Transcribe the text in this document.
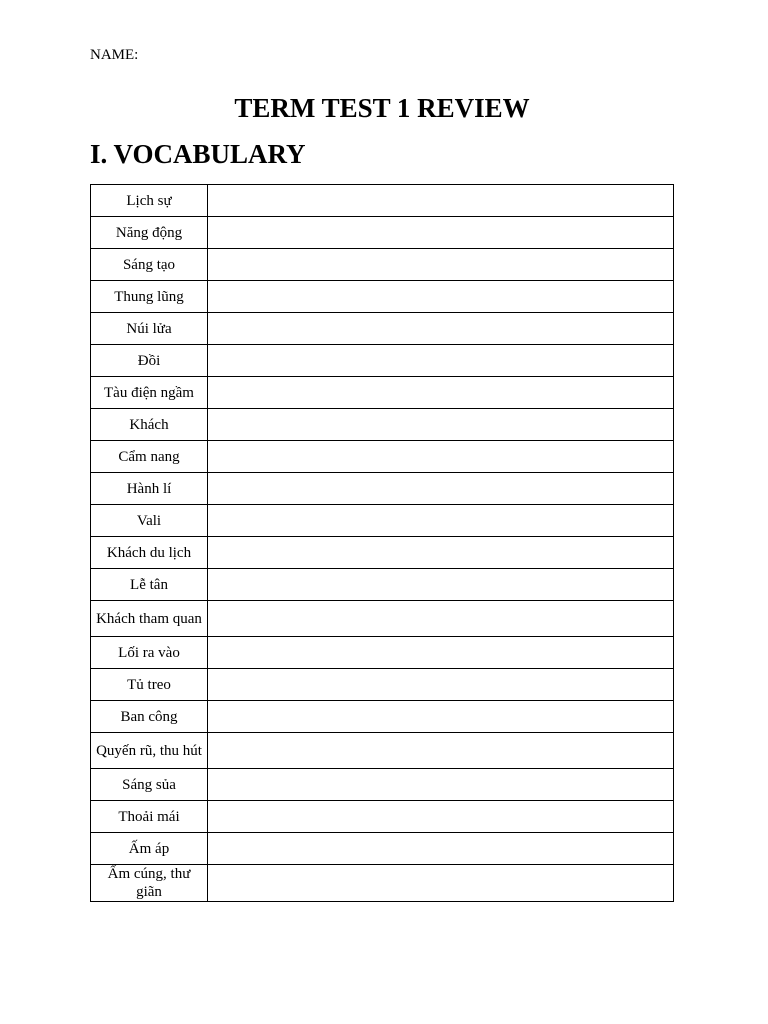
NAME:
TERM TEST 1 REVIEW
I. VOCABULARY
Lịch sự	
Năng động	
Sáng tạo	
Thung lũng	
Núi lửa	
Đồi	
Tàu điện ngầm	
Khách	
Cẩm nang	
Hành lí	
Vali	
Khách du lịch	
Lễ tân	
Khách tham quan	
Lối ra vào	
Tủ treo	
Ban công	
Quyến rũ, thu hút	
Sáng sủa	
Thoải mái	
Ấm áp	
Ấm cúng, thư giãn	
